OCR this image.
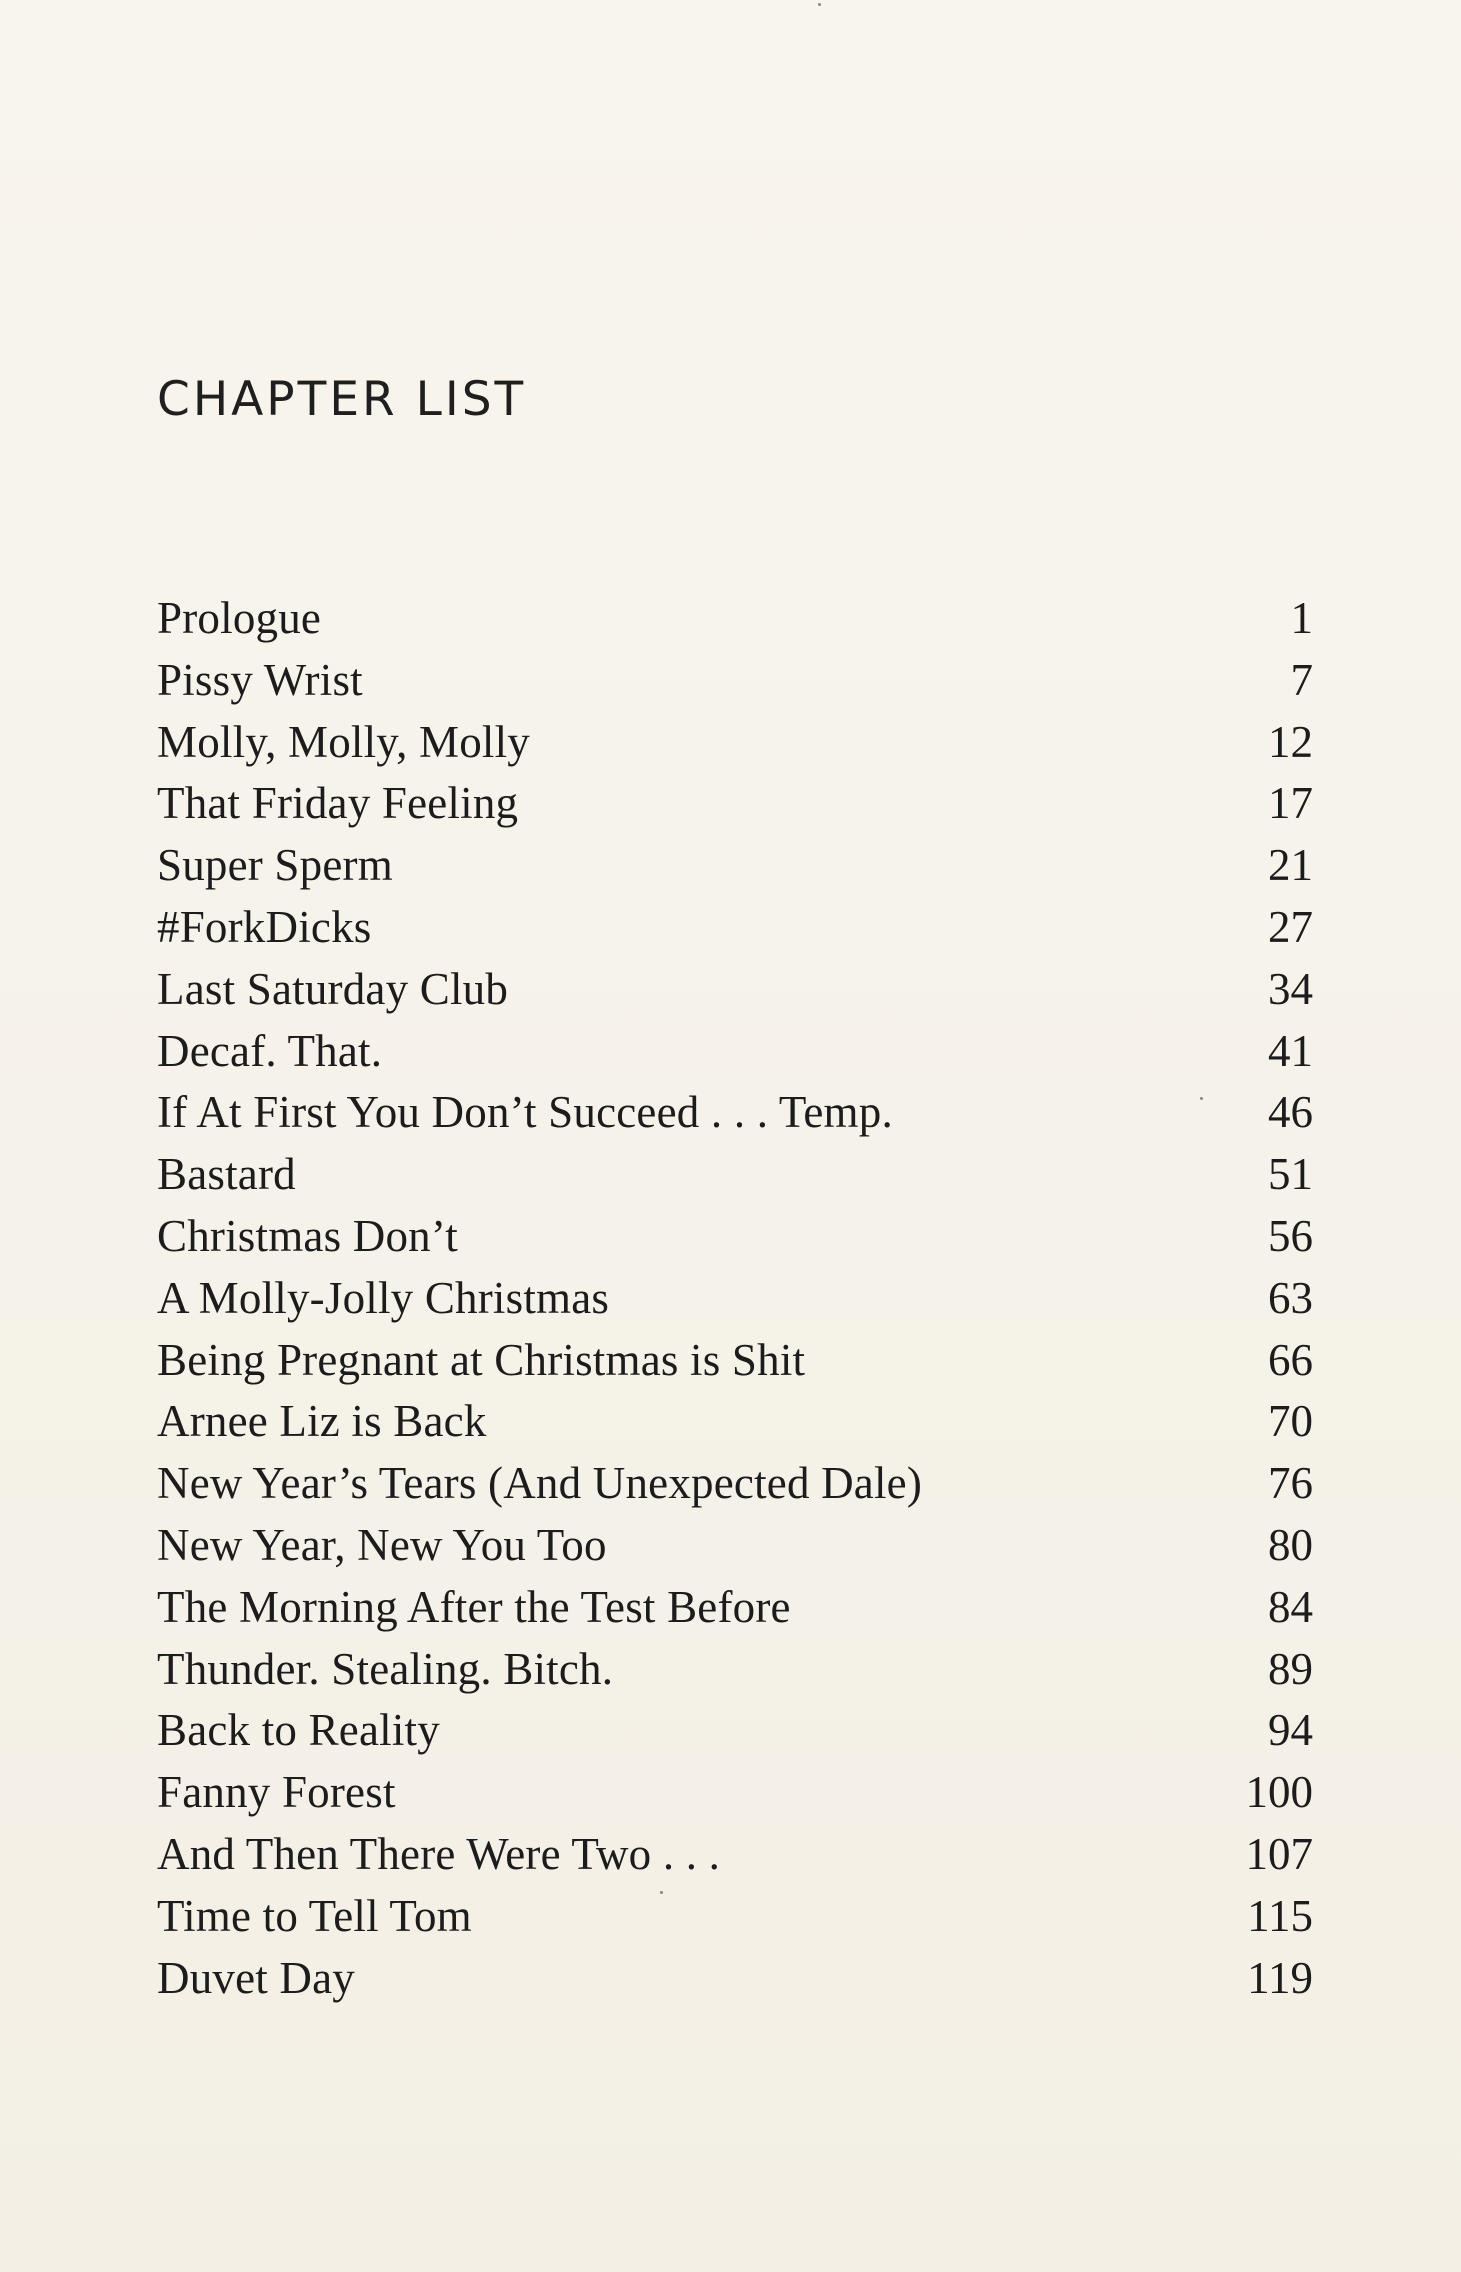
CHAPTER LIST
Prologue	1
Pissy Wrist	7
Molly, Molly, Molly	12
That Friday Feeling	17
Super Sperm	21
#ForkDicks	27
Last Saturday Club	34
Decaf. That.	41
If At First You Don’t Succeed . . . Temp.	46
Bastard	51
Christmas Don’t	56
A Molly-Jolly Christmas	63
Being Pregnant at Christmas is Shit	66
Arnee Liz is Back	70
New Year’s Tears (And Unexpected Dale)	76
New Year, New You Too	80
The Morning After the Test Before	84
Thunder. Stealing. Bitch.	89
Back to Reality	94
Fanny Forest	100
And Then There Were Two . . .	107
Time to Tell Tom	115
Duvet Day	119
